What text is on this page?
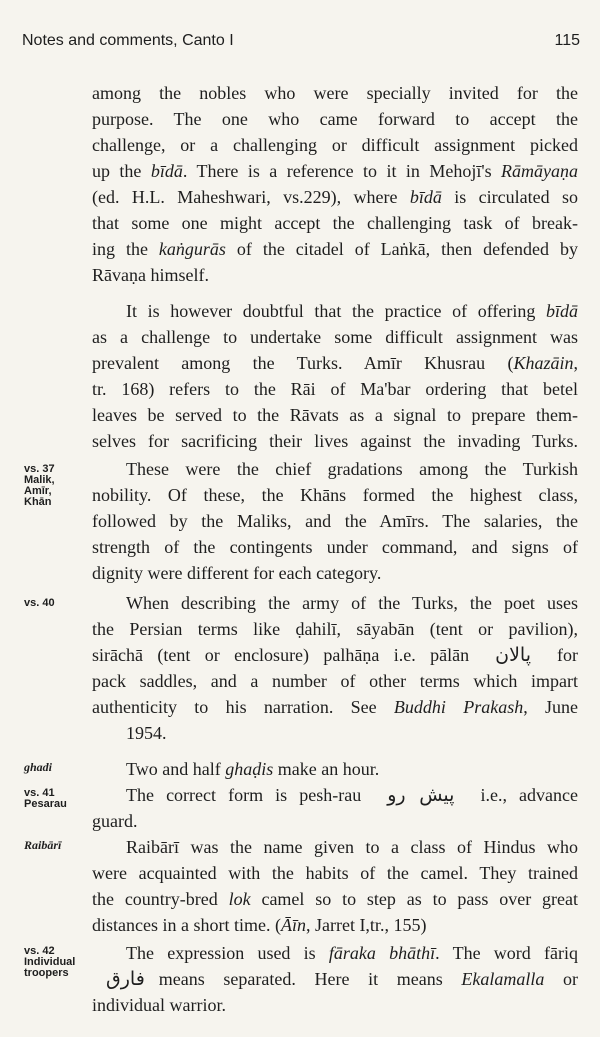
Notes and comments, Canto I	115

among the nobles who were specially invited for the
purpose. The one who came forward to accept the
challenge, or a challenging or difficult assignment picked
up the bīdā. There is a reference to it in Mehojī's Rāmāyaṇa
(ed. H.L. Maheshwari, vs.229), where bīdā is circulated so
that some one might accept the challenging task of break-
ing the kaṅgurās of the citadel of Laṅkā, then defended by
Rāvaṇa himself.

It is however doubtful that the practice of offering bīdā
as a challenge to undertake some difficult assignment was
prevalent among the Turks. Amīr Khusrau (Khazāin,
tr. 168) refers to the Rāi of Ma'bar ordering that betel
leaves be served to the Rāvats as a signal to prepare them-
selves for sacrificing their lives against the invading Turks.

vs. 37
Malik,
Amīr,
Khān

These were the chief gradations among the Turkish
nobility. Of these, the Khāns formed the highest class,
followed by the Maliks, and the Amīrs. The salaries, the
strength of the contingents under command, and signs of
dignity were different for each category.

vs. 40	When describing the army of the Turks, the poet uses
the Persian terms like ḍahilī, sāyabān (tent or pavilion),
sirāchā (tent or enclosure) palhāṇa i.e. pālān پالان for
pack saddles, and a number of other terms which impart
authenticity to his narration. See Buddhi Prakash, June
1954.

ghadi	Two and half ghaḍis make an hour.

vs. 41
Pesarau	The correct form is pesh-rau پیش رو i.e., advance
guard.

Raibārī	Raibārī was the name given to a class of Hindus who
were acquainted with the habits of the camel. They trained
the country-bred lok camel so to step as to pass over great
distances in a short time. (Āīn, Jarret I,tr., 155)

vs. 42
Individual
troopers

The expression used is fāraka bhāthī. The word fāriq
فارق means separated. Here it means Ekalamalla or
individual warrior.
